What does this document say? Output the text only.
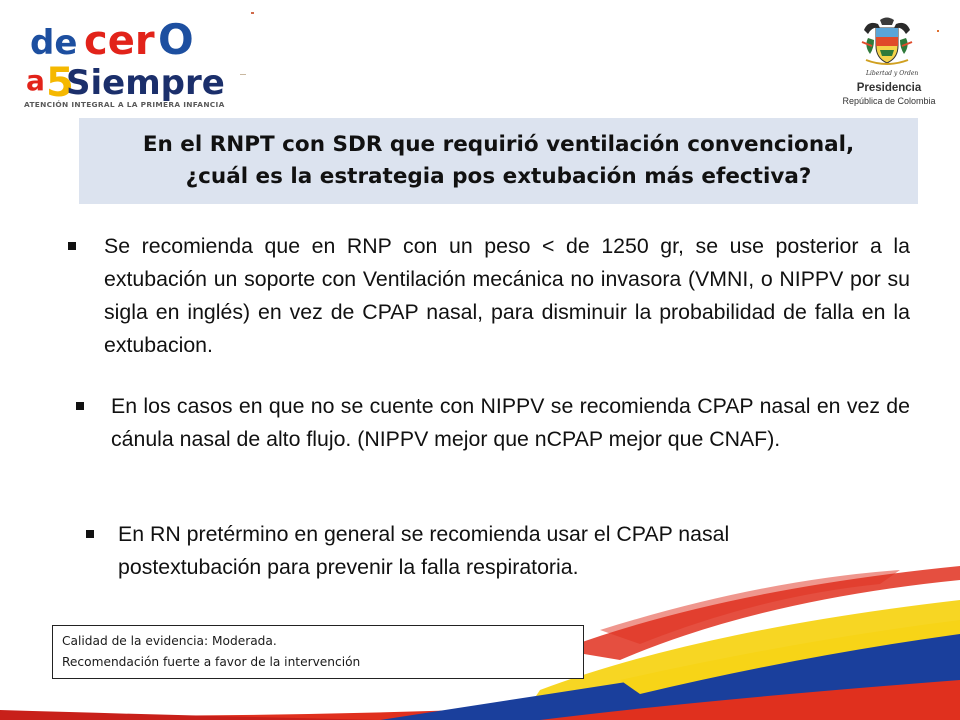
de cer O
a 5
Siempre
ATENCIÓN INTEGRAL A LA PRIMERA INFANCIA
Libertad y Orden
Presidencia
República de Colombia
En el RNPT con SDR que requirió ventilación convencional,
¿cuál es la estrategia pos extubación más efectiva?
Se recomienda que en RNP con un peso < de 1250 gr, se use posterior a la extubación un soporte con Ventilación mecánica no invasora (VMNI, o NIPPV por su sigla en inglés) en vez de CPAP nasal, para disminuir la probabilidad de falla en la extubacion.
En los casos en que no se cuente con NIPPV se recomienda CPAP nasal en vez de cánula nasal de alto flujo. (NIPPV mejor que nCPAP mejor que CNAF).
En RN pretérmino en general se recomienda usar el CPAP nasal
postextubación para prevenir la falla respiratoria.
Calidad de la evidencia: Moderada.
Recomendación fuerte a favor de la intervención
